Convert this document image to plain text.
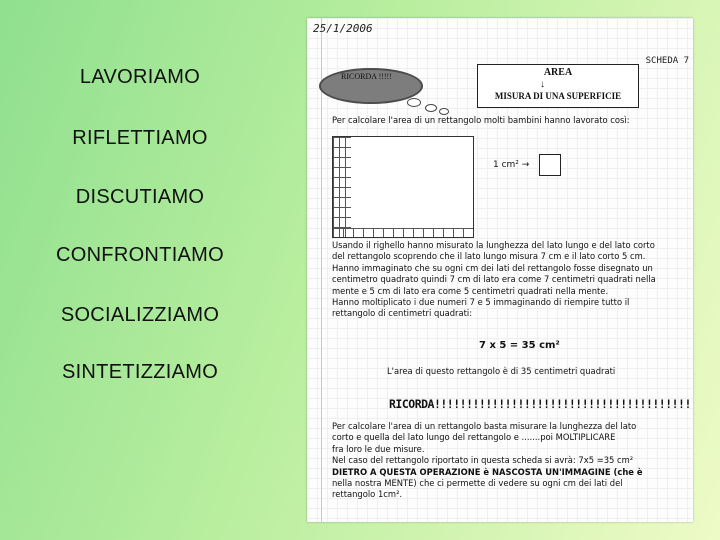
LAVORIAMO
RIFLETTIAMO
DISCUTIAMO
CONFRONTIAMO
SOCIALIZZIAMO
SINTETIZZIAMO
25/1/2006
SCHEDA 7
RICORDA !!!!!	AREA
↓
MISURA DI UNA SUPERFICIE
Per calcolare l'area di un rettangolo molti bambini hanno lavorato così:
1 cm² →
Usando il righello hanno misurato la lunghezza del lato lungo e del lato corto
del rettangolo scoprendo che il lato lungo misura 7 cm e il lato corto 5 cm.
Hanno immaginato che su ogni cm dei lati del rettangolo fosse disegnato un
centimetro quadrato quindi 7 cm di lato era come 7 centimetri quadrati nella
mente e 5 cm di lato era come 5 centimetri quadrati nella mente.
Hanno moltiplicato i due numeri 7 e 5 immaginando di riempire tutto il
rettangolo di centimetri quadrati:
7 x 5 = 35 cm²
L'area di questo rettangolo è di 35 centimetri quadrati
RICORDA!!!!!!!!!!!!!!!!!!!!!!!!!!!!!!!!!!!!!!!!
Per calcolare l'area di un rettangolo basta misurare la lunghezza del lato
corto e quella del lato lungo del rettangolo e .......poi MOLTIPLICARE
fra loro le due misure.
Nel caso del rettangolo riportato in questa scheda si avrà: 7x5 =35 cm²
DIETRO A QUESTA OPERAZIONE è NASCOSTA UN'IMMAGINE (che è
nella nostra MENTE) che ci permette di vedere su ogni cm dei lati del
rettangolo 1cm².
